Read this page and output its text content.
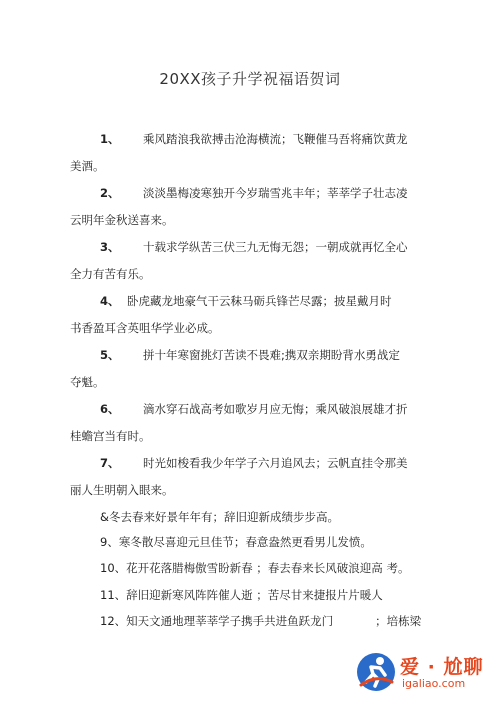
20XX孩子升学祝福语贺词
1、 乘风踏浪我欲搏击沧海横流；飞鞭催马吾将痛饮黄龙
美酒。
2、 淡淡墨梅凌寒独开今岁瑞雪兆丰年；莘莘学子壮志凌
云明年金秋送喜来。
3、 十载求学纵苦三伏三九无悔无怨；一朝成就再忆全心
全力有苦有乐。
4、 卧虎藏龙地豪气干云秣马砺兵锋芒尽露；披星戴月时
书香盈耳含英咀华学业必成。
5、 拼十年寒窗挑灯苦读不畏难;携双亲期盼背水勇战定
夺魁。
6、 滴水穿石战高考如歌岁月应无悔；乘风破浪展雄才折
桂蟾宫当有时。
7、 时光如梭看我少年学子六月追风去；云帆直挂令那美
丽人生明朝入眼来。
&冬去春来好景年年有；辞旧迎新成绩步步高。
9、寒冬散尽喜迎元旦佳节；春意盎然更看男儿发愤。
10、花开花落腊梅傲雪盼新春 ；春去春来长风破浪迎高 考。
11、辞旧迎新寒风阵阵催人逝 ；苦尽甘来捷报片片暖人
12、知天文通地理莘莘学子携手共进鱼跃龙门	；培栋梁
爱 · 尬聊
igaliao.com
